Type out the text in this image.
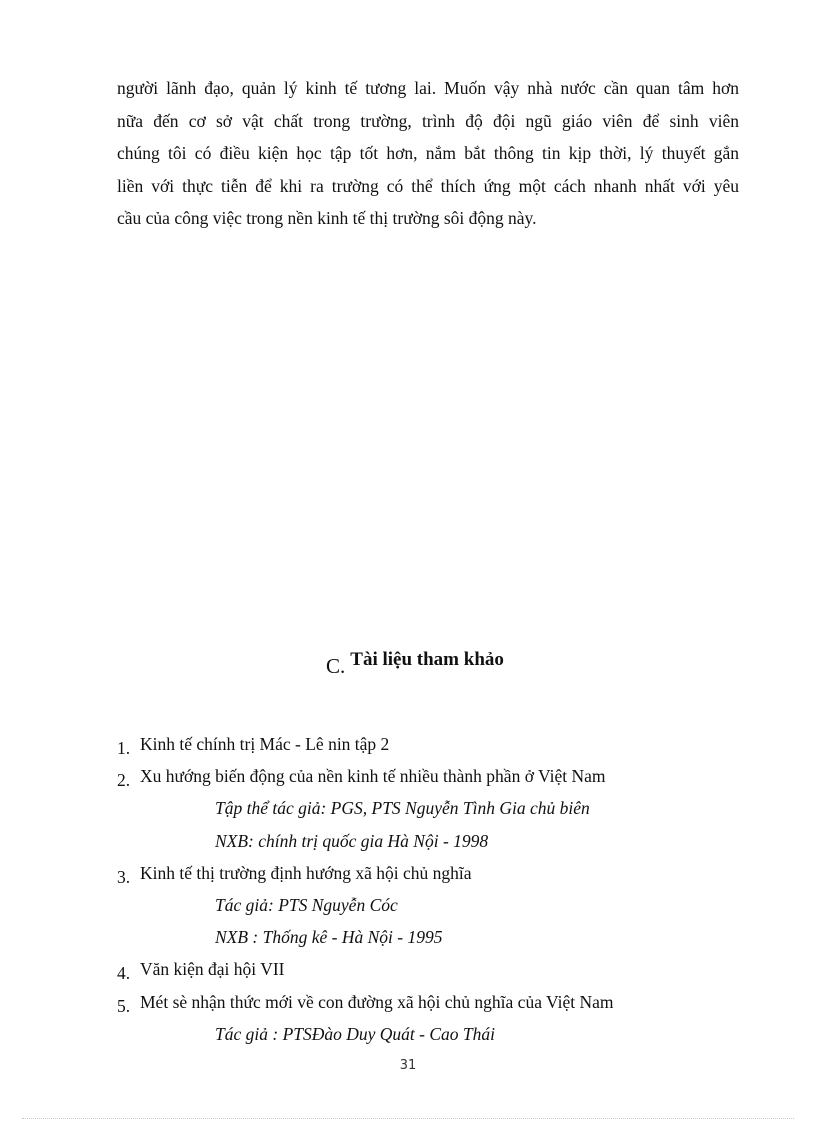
người lãnh đạo, quản lý kinh tế tương lai. Muốn vậy nhà nước cần quan tâm hơn
nữa đến cơ sở vật chất trong trường, trình độ đội ngũ giáo viên để sinh viên
chúng tôi có điều kiện học tập tốt hơn, nắm bắt thông tin kịp thời, lý thuyết gắn
liền với thực tiễn để khi ra trường có thể thích ứng một cách nhanh nhất với yêu
cầu của công việc trong nền kinh tế thị trường sôi động này.
C. Tài liệu tham khảo
1. Kinh tế chính trị Mác - Lê nin tập 2
2. Xu hướng biến động của nền kinh tế nhiều thành phần ở Việt Nam
Tập thể tác giả: PGS, PTS Nguyễn Tình Gia chủ biên
NXB: chính trị quốc gia Hà Nội - 1998
3. Kinh tế thị trường định hướng xã hội chủ nghĩa
Tác giả: PTS Nguyễn Cóc
NXB : Thống kê - Hà Nội - 1995
4. Văn kiện đại hội VII
5. Mét sè nhận thức mới về con đường xã hội chủ nghĩa của Việt Nam
Tác giả : PTSĐào Duy Quát - Cao Thái
31
